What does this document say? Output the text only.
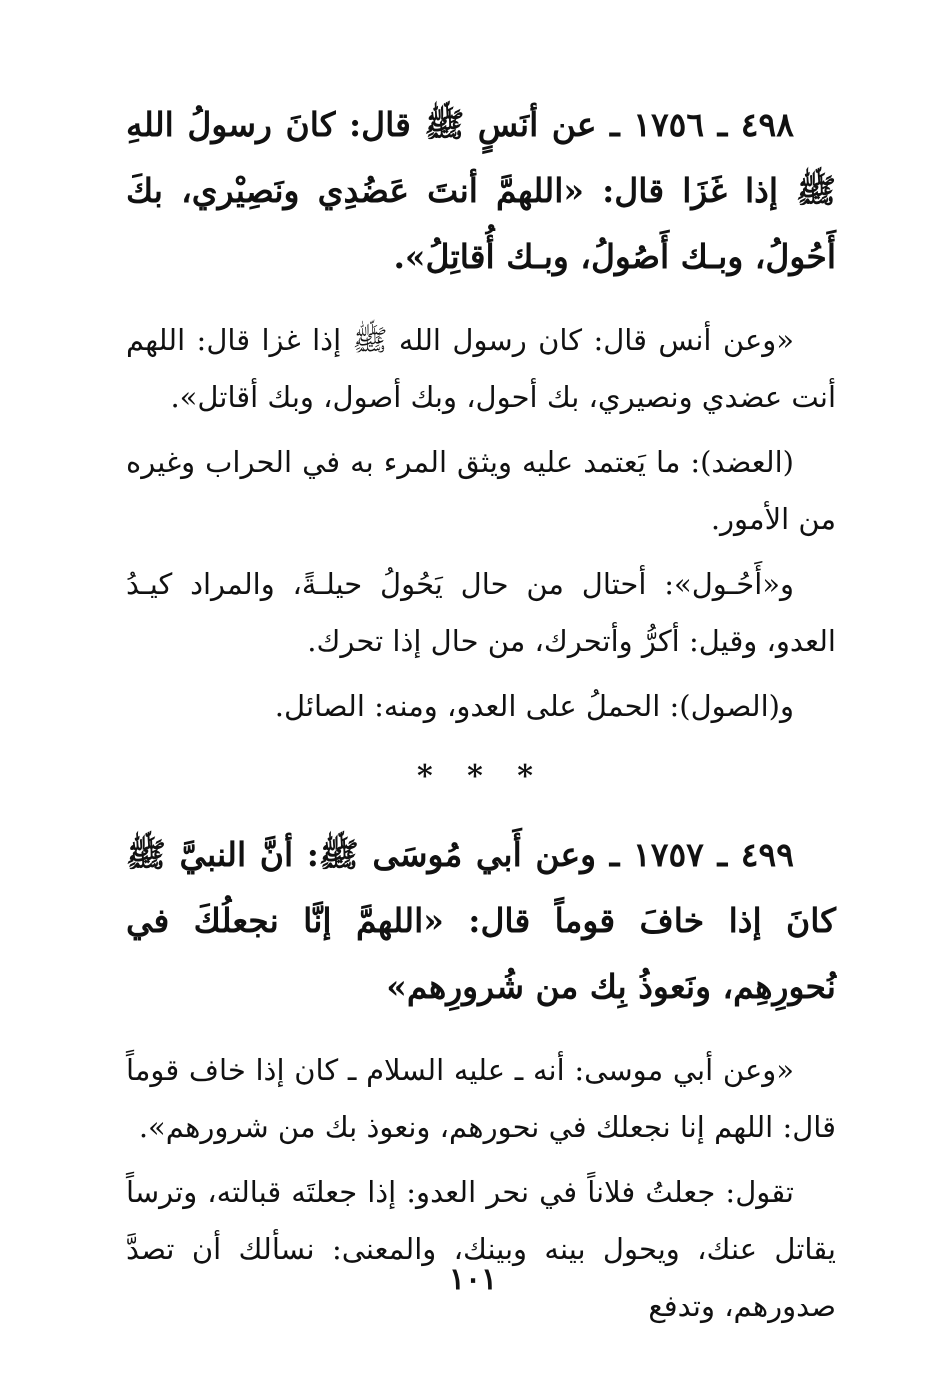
٤٩٨ ـ ١٧٥٦ ـ عن أنَسٍ ﷺ قال: كانَ رسولُ اللهِ ﷺ إذا غَزَا قال: «اللهمَّ أنتَ عَضُدِي ونَصِيْري، بكَ أَحُولُ، وبـك أَصُولُ، وبـك أُقاتِلُ».

«وعن أنس قال: كان رسول الله ﷺ إذا غزا قال: اللهم أنت عضدي ونصيري، بك أحول، وبك أصول، وبك أقاتل».

(العضد): ما يَعتمد عليه ويثق المرء به في الحراب وغيره من الأمور.

و«أَحُـول»: أحتال من حال يَحُولُ حيلـةً، والمراد كيـدُ العدو، وقيل: أكرُّ وأتحرك، من حال إذا تحرك.

و(الصول): الحملُ على العدو، ومنه: الصائل.

* * *

٤٩٩ ـ ١٧٥٧ ـ وعن أَبي مُوسَى ﷺ: أنَّ النبيَّ ﷺ كانَ إذا خافَ قوماً قال: «اللهمَّ إنَّا نجعلُكَ في نُحورِهِم، ونَعوذُ بِك من شُرورِهم»

«وعن أبي موسى: أنه ـ عليه السلام ـ كان إذا خاف قوماً قال: اللهم إنا نجعلك في نحورهم، ونعوذ بك من شرورهم».

تقول: جعلتُ فلاناً في نحر العدو: إذا جعلتَه قبالته، وترساً يقاتل عنك، ويحول بينه وبينك، والمعنى: نسألك أن تصدَّ صدورهم، وتدفع

١٠١
